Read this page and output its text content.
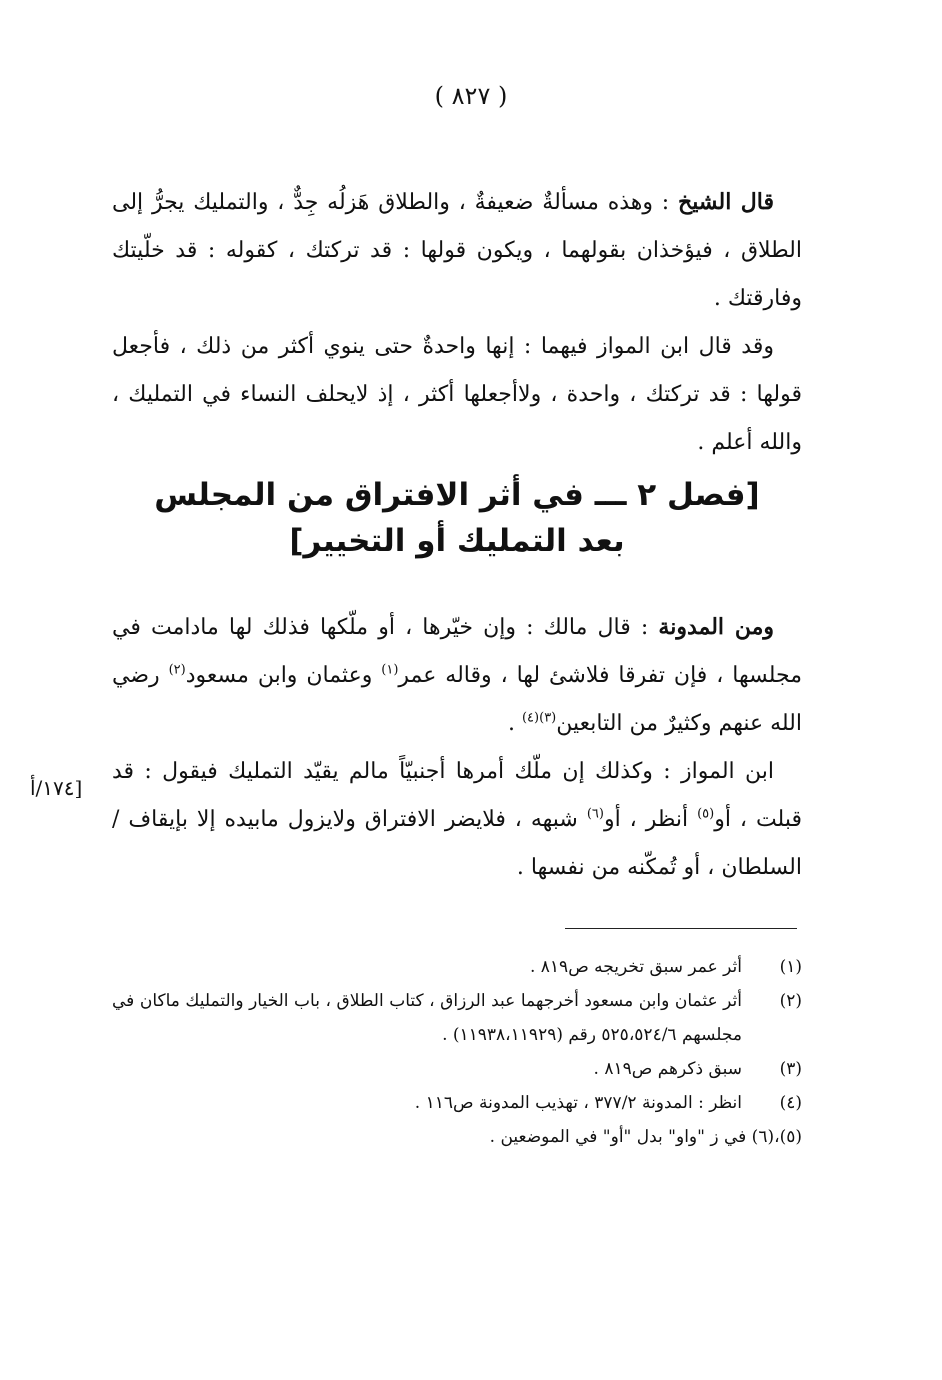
( ٨٢٧ )

قال الشيخ : وهذه مسألةٌ ضعيفةٌ ، والطلاق هَزلُه جِدٌّ ، والتمليك يجرُّ إلى الطلاق ، فيؤخذان بقولهما ، ويكون قولها : قد تركتك ، كقوله : قد خلّيتك وفارقتك .

وقد قال ابن المواز فيهما : إنها واحدةٌ حتى ينوي أكثر من ذلك ، فأجعل قولها : قد تركتك ، واحدة ، ولاأجعلها أكثر ، إذ لايحلف النساء في التمليك ، والله أعلم .

[فصل ٢ ـــ في أثر الافتراق من المجلس
بعد التمليك أو التخيير]

ومن المدونة : قال مالك : وإن خيّرها ، أو ملّكها فذلك لها مادامت في مجلسها ، فإن تفرقا فلاشئ لها ، وقاله عمر$^{(١)}$ وعثمان وابن مسعود$^{(٢)}$ رضي الله عنهم وكثيرٌ من التابعين$^{(٣)(٤)}$ .

ابن المواز : وكذلك إن ملّك أمرها أجنبيّاً مالم يقيّد التمليك فيقول : قد قبلت ، أو$^{(٥)}$ أنظر ، أو$^{(٦)}$ شبهه ، فلايضر الافتراق ولايزول مابيده إلا بإيقاف / السلطان ، أو تُمكّنه من نفسها .

[١٧٤/أ
(١)
أثر عمر سبق تخريجه ص٨١٩ .
(٢)
أثر عثمان وابن مسعود أخرجهما عبد الرزاق ، كتاب الطلاق ، باب الخيار والتمليك ماكان في مجلسهم ٥٢٥،٥٢٤/٦ رقم (١١٩٣٨،١١٩٢٩) .
(٣)
سبق ذكرهم ص٨١٩ .
(٤)
انظر : المدونة ٣٧٧/٢ ، تهذيب المدونة ص١١٦ .

(٥)،(٦) في ز "واو" بدل "أو" في الموضعين .
